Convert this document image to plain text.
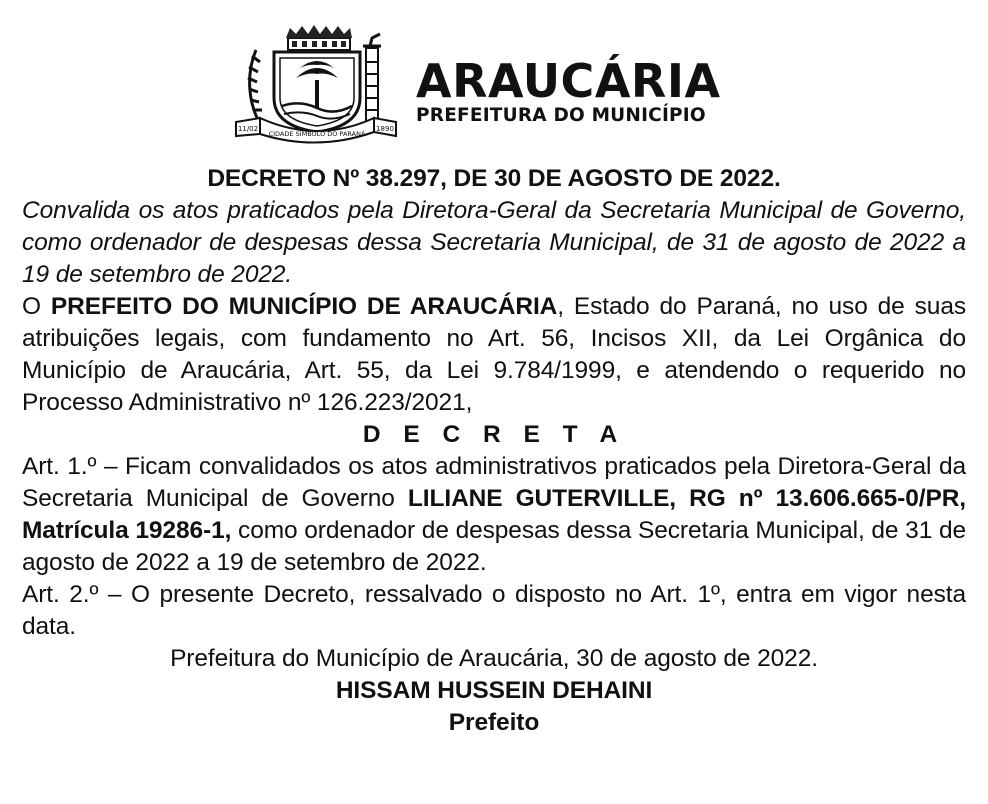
11/02
CIDADE SÍMBOLO DO PARANÁ
1890
ARAUCÁRIA
PREFEITURA DO MUNICÍPIO

DECRETO Nº 38.297, DE 30 DE AGOSTO DE 2022.

Convalida os atos praticados pela Diretora-Geral da Secretaria Municipal de Governo, como ordenador de despesas dessa Secretaria Municipal, de 31 de agosto de 2022 a 19 de setembro de 2022.

O PREFEITO DO MUNICÍPIO DE ARAUCÁRIA, Estado do Paraná, no uso de suas atribuições legais, com fundamento no Art. 56, Incisos XII, da Lei Orgânica do Município de Araucária, Art. 55, da Lei 9.784/1999, e atendendo o requerido no Processo Administrativo nº 126.223/2021,

D E C R E T A

Art. 1.º – Ficam convalidados os atos administrativos praticados pela Diretora-Geral da Secretaria Municipal de Governo LILIANE GUTERVILLE, RG nº 13.606.665-0/PR, Matrícula 19286-1, como ordenador de despesas dessa Secretaria Municipal, de 31 de agosto de 2022 a 19 de setembro de 2022.

Art. 2.º – O presente Decreto, ressalvado o disposto no Art. 1º, entra em vigor nesta data.

Prefeitura do Município de Araucária, 30 de agosto de 2022.

HISSAM HUSSEIN DEHAINI

Prefeito
